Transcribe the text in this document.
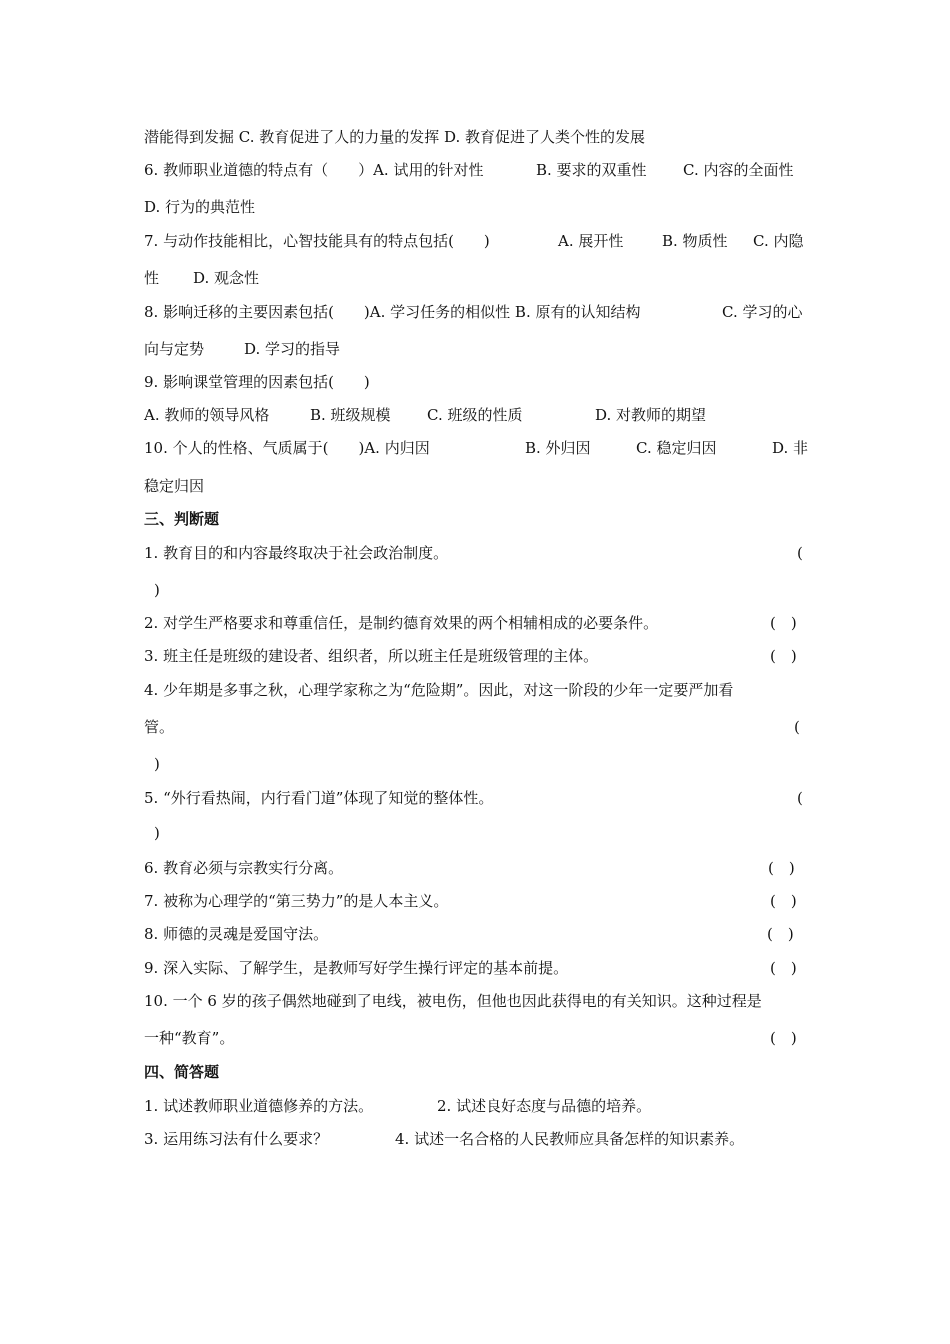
潜能得到发掘 C. 教育促进了人的力量的发挥 D. 教育促进了人类个性的发展
6. 教师职业道德的特点有（　　）A. 试用的针对性	B. 要求的双重性 C. 内容的全面性
D. 行为的典范性
7. 与动作技能相比，心智技能具有的特点包括(　　)	A. 展开性	B. 物质性 C. 内隐
性 D. 观念性
8. 影响迁移的主要因素包括(　　)A. 学习任务的相似性 B. 原有的认知结构	C. 学习的心
向与定势	D. 学习的指导
9. 影响课堂管理的因素包括(　　)
A. 教师的领导风格	B. 班级规模 C. 班级的性质	D. 对教师的期望
10. 个人的性格、气质属于(　　)A. 内归因	B. 外归因	C. 稳定归因	D. 非
稳定归因
三、判断题
1. 教育目的和内容最终取决于社会政治制度。	(
)
2. 对学生严格要求和尊重信任，是制约德育效果的两个相辅相成的必要条件。	(　)
3. 班主任是班级的建设者、组织者，所以班主任是班级管理的主体。	(　)
4. 少年期是多事之秋，心理学家称之为“危险期”。因此，对这一阶段的少年一定要严加看
管。	(
)
5. “外行看热闹，内行看门道”体现了知觉的整体性。	(
)
6. 教育必须与宗教实行分离。	(　)
7. 被称为心理学的“第三势力”的是人本主义。	(　)
8. 师德的灵魂是爱国守法。	(　)
9. 深入实际、了解学生，是教师写好学生操行评定的基本前提。	(　)
10. 一个 6 岁的孩子偶然地碰到了电线，被电伤，但他也因此获得电的有关知识。这种过程是
一种“教育”。	(　)
四、简答题
1. 试述教师职业道德修养的方法。	2. 试述良好态度与品德的培养。
3. 运用练习法有什么要求？	4. 试述一名合格的人民教师应具备怎样的知识素养。
